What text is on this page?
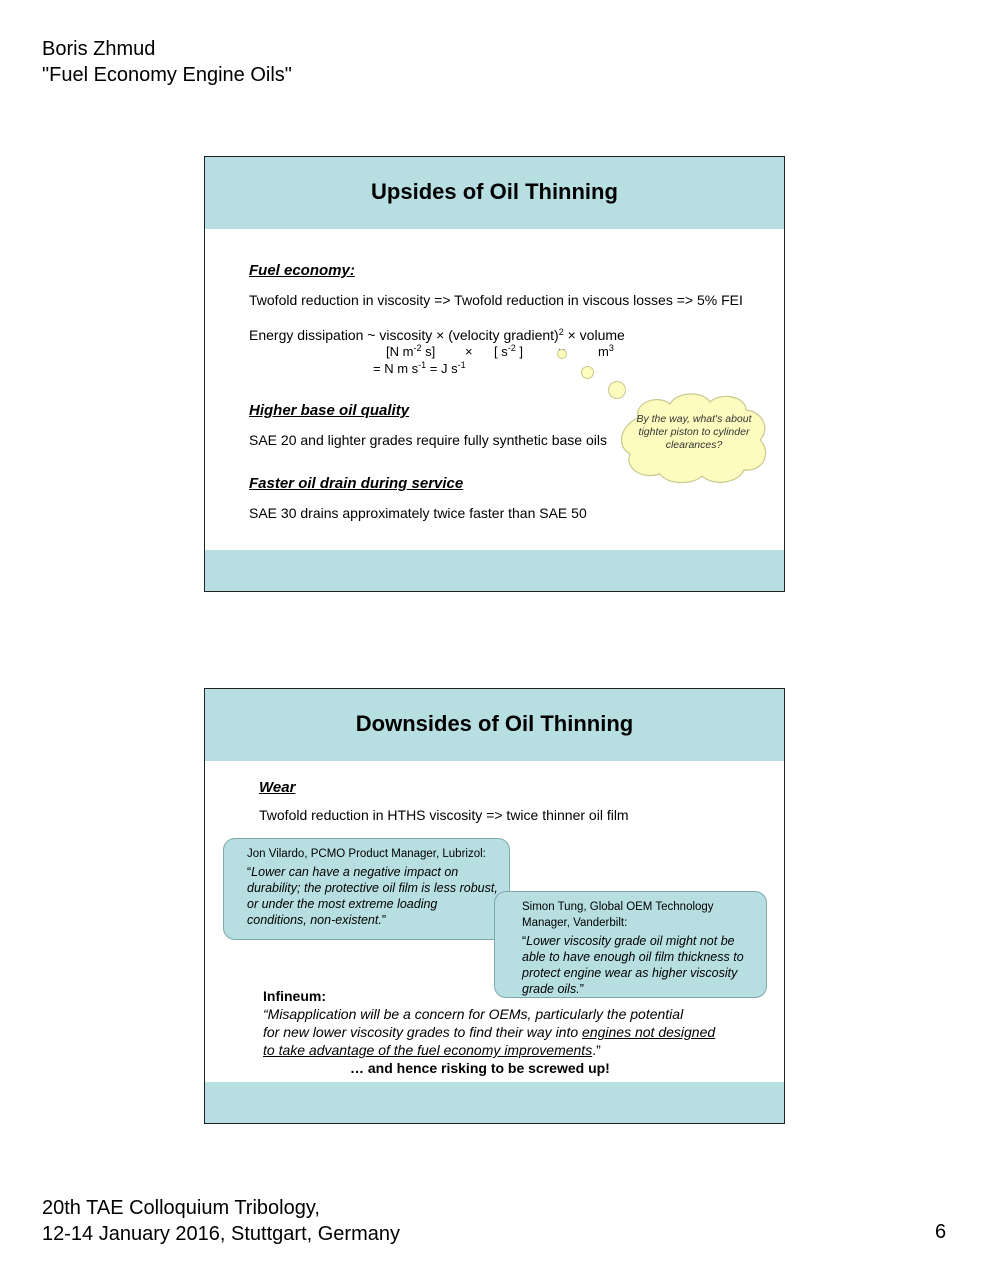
Boris Zhmud
"Fuel Economy Engine Oils"
Upsides of Oil Thinning
Fuel economy:
Twofold reduction in viscosity => Twofold reduction in viscous losses => 5% FEI
Energy dissipation ~ viscosity × (velocity gradient)$^2$ × volume
[N $m^{-2}$ s] × [ $s^{-2}$ ]	$m^3$
= N m $s^{-1} = J$ $s^{-1}$
Higher base oil quality
SAE 20 and lighter grades require fully synthetic base oils
Faster oil drain during service
SAE 30 drains approximately twice faster than SAE 50
By the way, what's about tighter piston to cylinder clearances?
Downsides of Oil Thinning
Wear
Twofold reduction in HTHS viscosity => twice thinner oil film
Jon Vilardo, PCMO Product Manager, Lubrizol:
“Lower can have a negative impact on durability; the protective oil film is less robust, or under the most extreme loading conditions, non-existent.”
Simon Tung, Global OEM Technology Manager, Vanderbilt:
“Lower viscosity grade oil might not be able to have enough oil film thickness to protect engine wear as higher viscosity grade oils.”
Infineum:
“Misapplication will be a concern for OEMs, particularly the potential
for new lower viscosity grades to find their way into engines not designed
to take advantage of the fuel economy improvements.”
… and hence risking to be screwed up!
20th TAE Colloquium Tribology,
12-14 January 2016, Stuttgart, Germany	6
